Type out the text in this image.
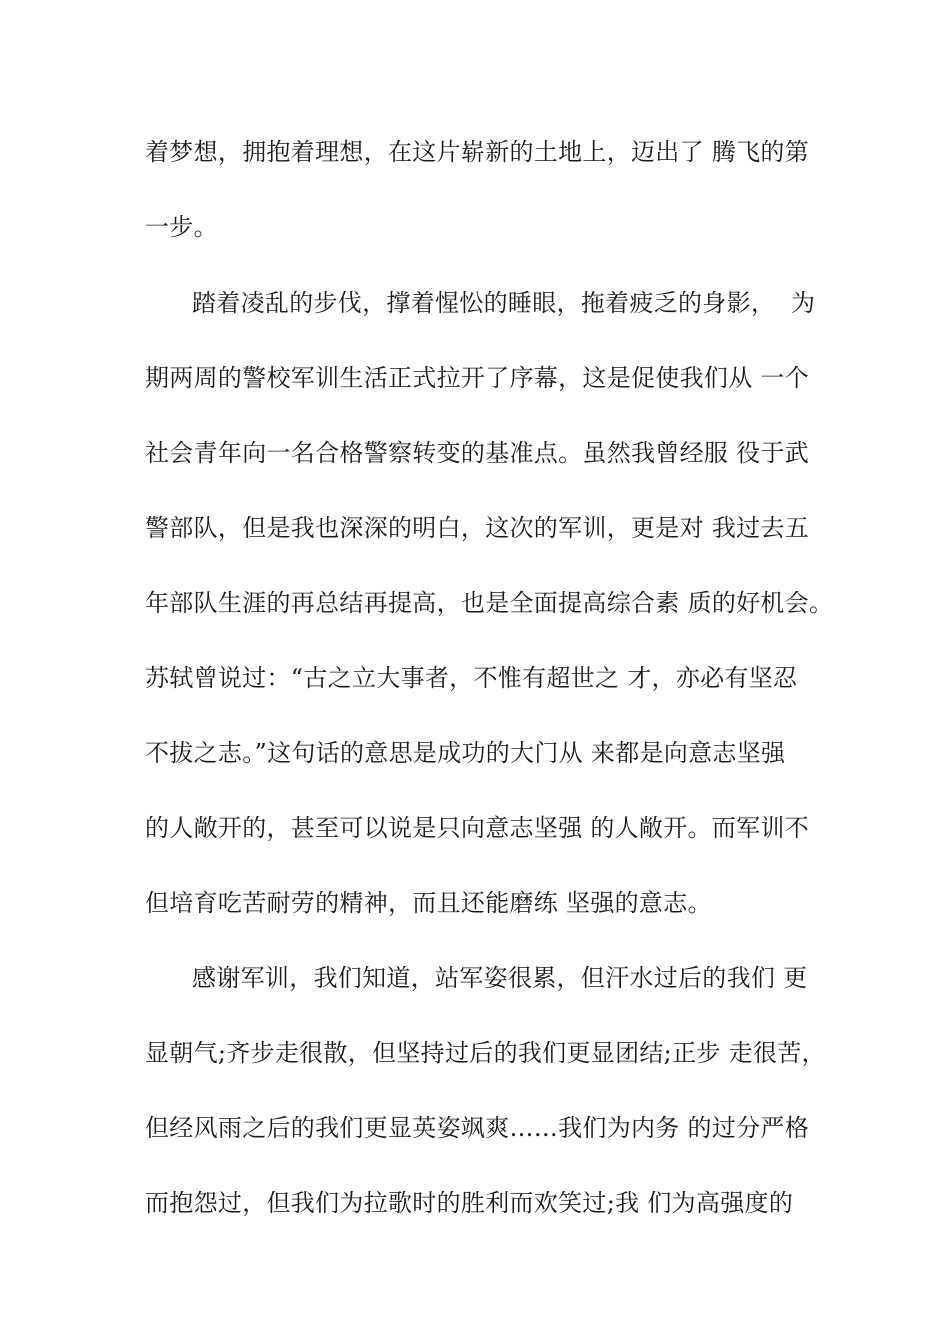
着梦想，拥抱着理想，在这片崭新的土地上，迈出了 腾飞的第
一步。
踏着凌乱的步伐，撑着惺忪的睡眼，拖着疲乏的身影，  为
期两周的警校军训生活正式拉开了序幕，这是促使我们从 一个
社会青年向一名合格警察转变的基准点。虽然我曾经服 役于武
警部队，但是我也深深的明白，这次的军训，更是对 我过去五
年部队生涯的再总结再提高，也是全面提高综合素 质的好机会。
苏轼曾说过：“古之立大事者，不惟有超世之 才，亦必有坚忍
不拔之志。”这句话的意思是成功的大门从 来都是向意志坚强
的人敞开的，甚至可以说是只向意志坚强 的人敞开。而军训不
但培育吃苦耐劳的精神，而且还能磨练 坚强的意志。
感谢军训，我们知道，站军姿很累，但汗水过后的我们 更
显朝气;齐步走很散，但坚持过后的我们更显团结;正步 走很苦，
但经风雨之后的我们更显英姿飒爽……我们为内务 的过分严格
而抱怨过，但我们为拉歌时的胜利而欢笑过;我 们为高强度的
